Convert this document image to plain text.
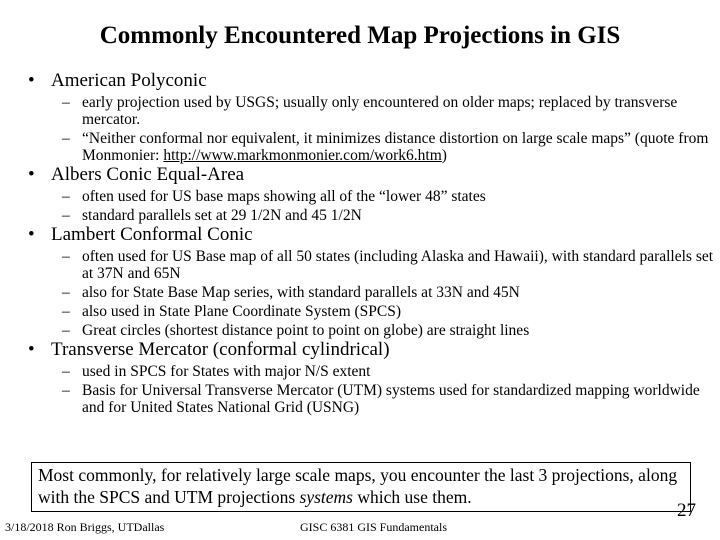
Commonly Encountered Map Projections in GIS
• American Polyconic
– early projection used by USGS; usually only encountered on older maps; replaced by transverse mercator.
– “Neither conformal nor equivalent, it minimizes distance distortion on large scale maps” (quote from Monmonier: http://www.markmonmonier.com/work6.htm)
• Albers Conic Equal-Area
– often used for US base maps showing all of the “lower 48” states
– standard parallels set at 29 1/2N and 45 1/2N
• Lambert Conformal Conic
– often used for US Base map of all 50 states (including Alaska and Hawaii), with standard parallels set at 37N and 65N
– also for State Base Map series, with standard parallels at 33N and 45N
– also used in State Plane Coordinate System (SPCS)
– Great circles (shortest distance point to point on globe) are straight lines
• Transverse Mercator (conformal cylindrical)
– used in SPCS for States with major N/S extent
– Basis for Universal Transverse Mercator (UTM) systems used for standardized mapping worldwide and for United States National Grid (USNG)
Most commonly, for relatively large scale maps, you encounter the last 3 projections, along with the SPCS and UTM projections systems which use them.
3/18/2018 Ron Briggs, UTDallas	GISC 6381 GIS Fundamentals
27
